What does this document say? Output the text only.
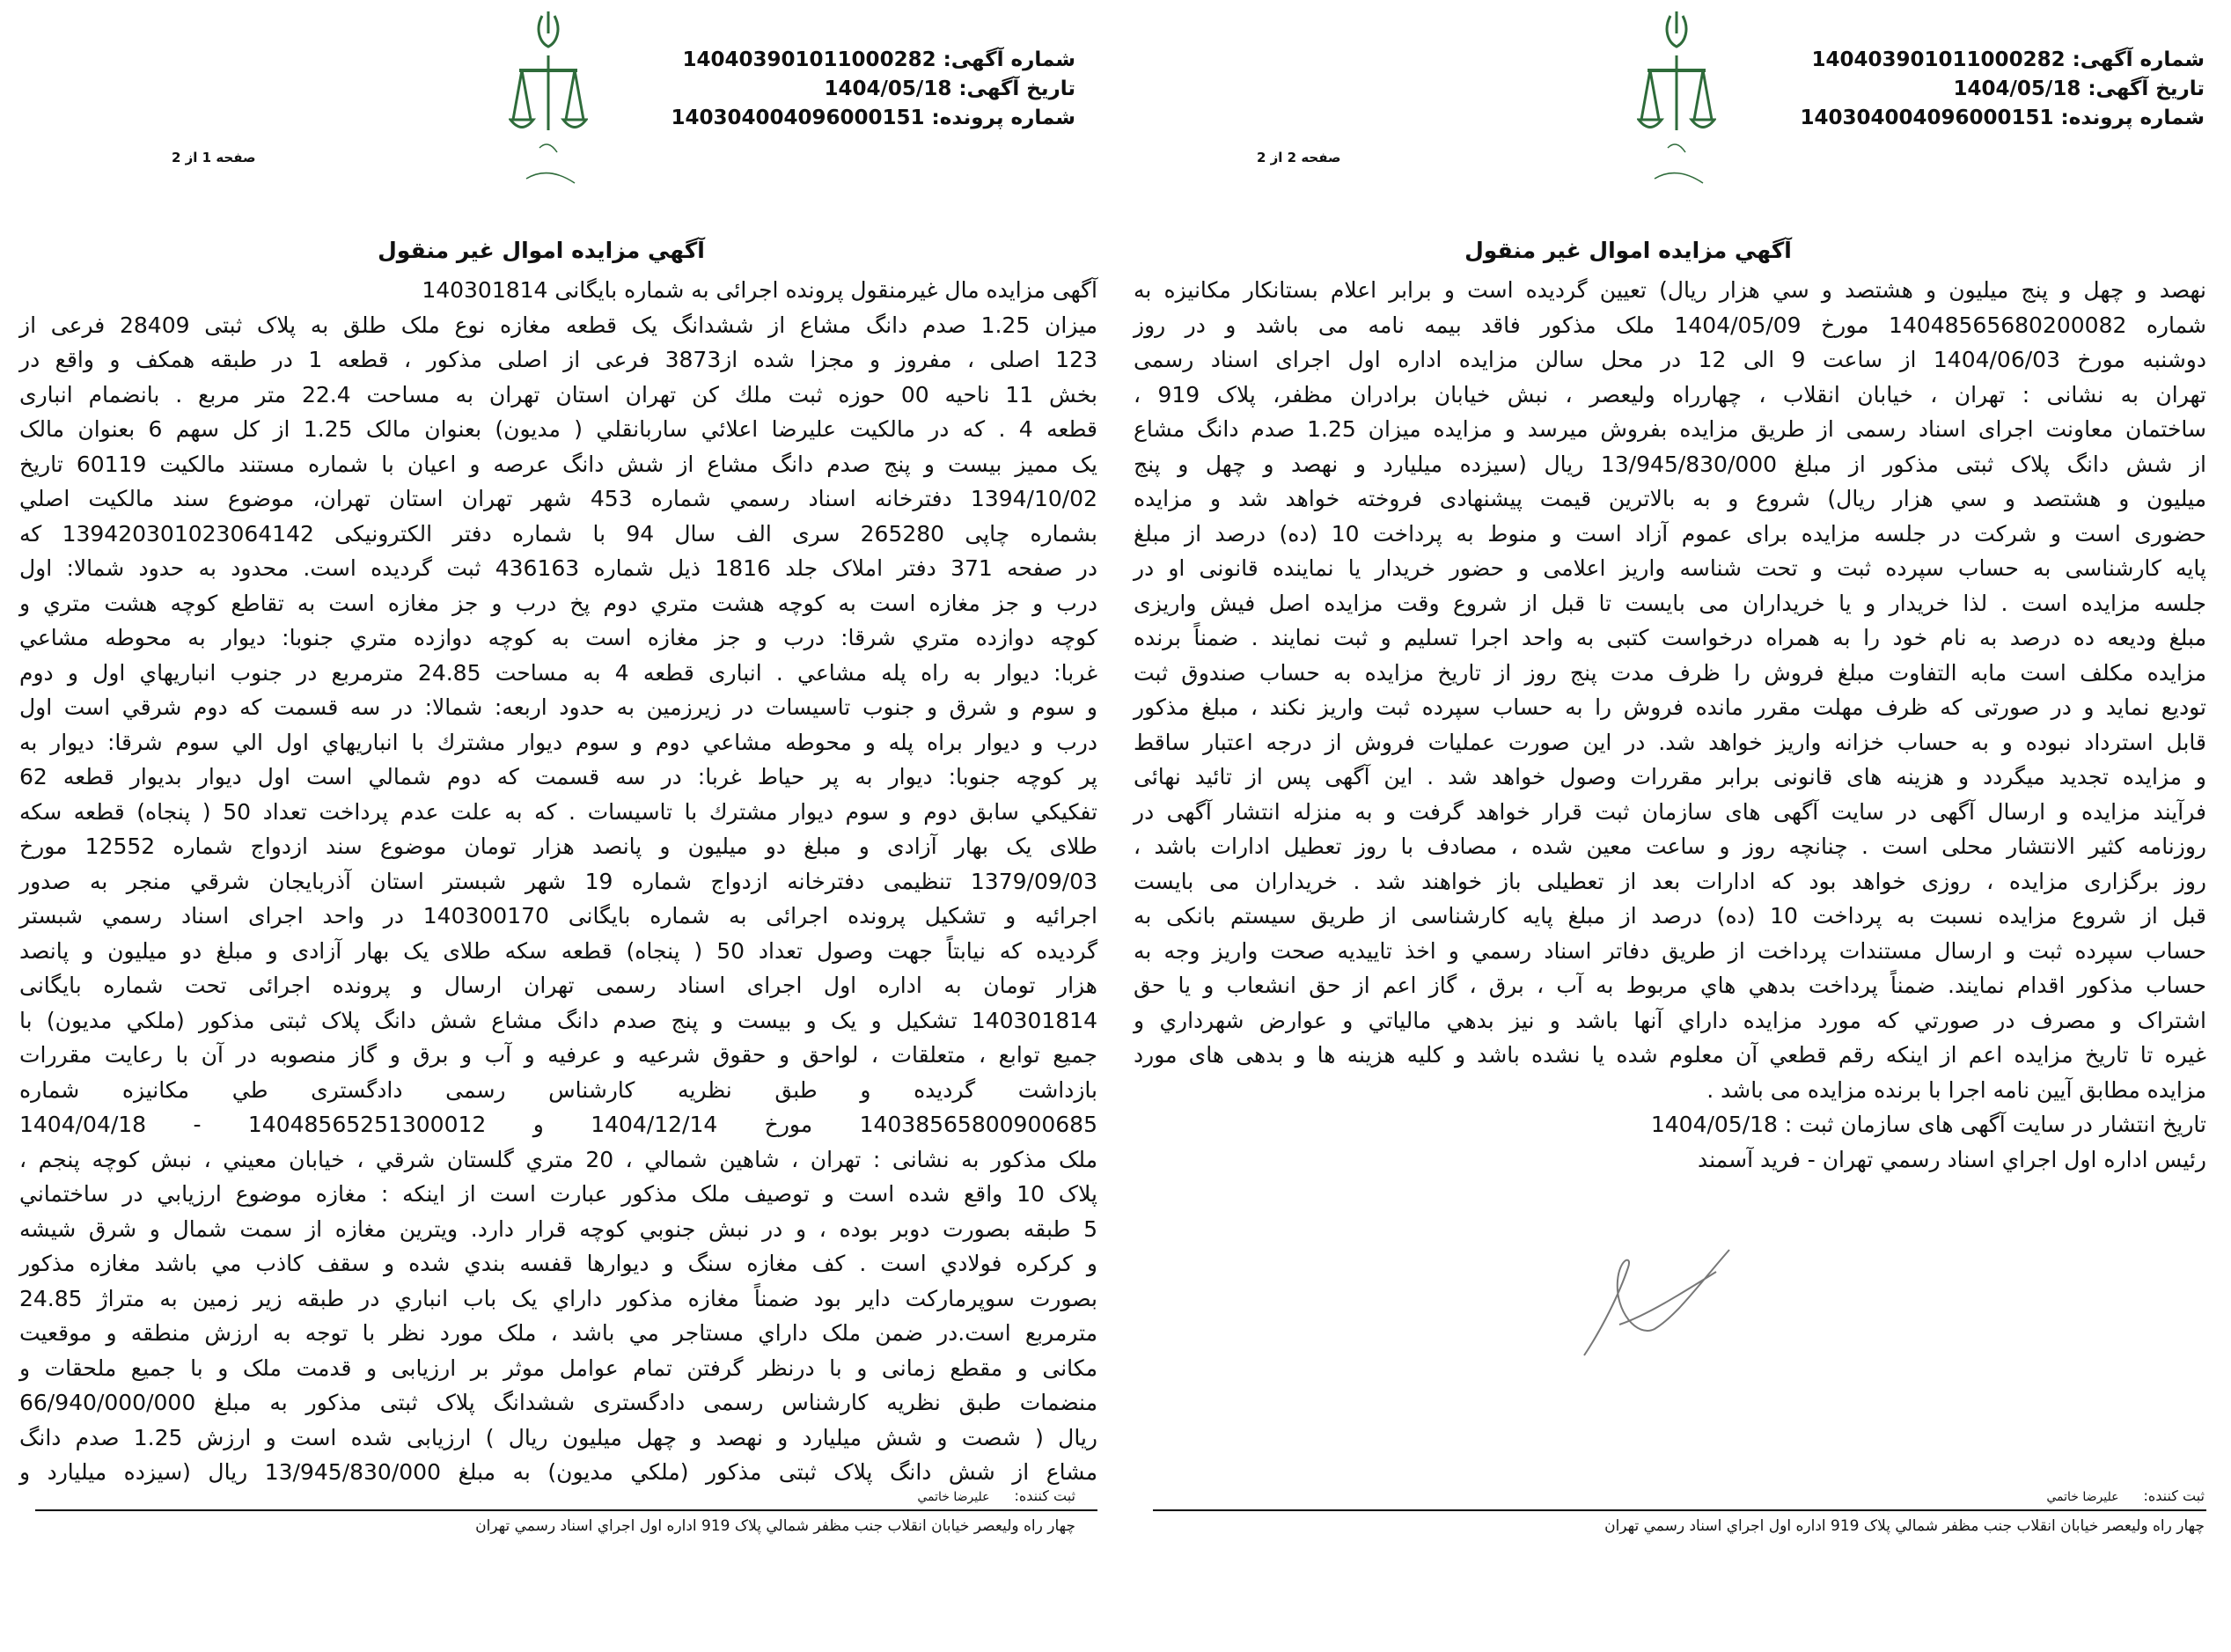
شماره آگهی: 140403901011000282
تاریخ آگهی: 1404/05/18
شماره پرونده: 140304004096000151
صفحه 1 از 2
آگهي مزايده اموال غير منقول
آگهی مزایده مال غیرمنقول پرونده اجرائی به شماره بایگانی 140301814
میزان 1.25 صدم دانگ مشاع از ششدانگ یک قطعه مغازه نوع ملک طلق به پلاک ثبتی 28409 فرعی از
123 اصلی ، مفروز و مجزا شده از3873 فرعی از اصلی مذکور ، قطعه 1 در طبقه همکف و واقع در
بخش 11 ناحیه 00 حوزه ثبت ملك كن تهران استان تهران به مساحت 22.4 متر مربع . بانضمام انباری
قطعه 4 . که در مالکیت علیرضا اعلائي ساربانقلي ( مدیون) بعنوان مالک 1.25 از کل سهم 6 بعنوان مالک
یک ممیز بیست و پنج صدم دانگ مشاع از شش دانگ عرصه و اعیان با شماره مستند مالکیت 60119 تاریخ
1394/10/02 دفترخانه اسناد رسمي شماره 453 شهر تهران استان تهران، موضوع سند مالکیت اصلي
بشماره چاپی 265280 سری الف سال 94 با شماره دفتر الکترونیکی 139420301023064142 که
در صفحه 371 دفتر املاک جلد 1816 ذیل شماره 436163 ثبت گردیده است. محدود به حدود شمالا: اول
درب و جز مغازه است به کوچه هشت متري دوم پخ درب و جز مغازه است به تقاطع کوچه هشت متري و
کوچه دوازده متري شرقا: درب و جز مغازه است به کوچه دوازده متري جنوبا: دیوار به محوطه مشاعي
غربا: دیوار به راه پله مشاعي . انباری قطعه 4 به مساحت 24.85 مترمربع در جنوب انباریهاي اول و دوم
و سوم و شرق و جنوب تاسیسات در زیرزمین به حدود اربعه: شمالا: در سه قسمت که دوم شرقي است اول
درب و دیوار براه پله و محوطه مشاعي دوم و سوم دیوار مشترك با انباریهاي اول الي سوم شرقا: دیوار به
پر کوچه جنوبا: دیوار به پر حیاط غربا: در سه قسمت که دوم شمالي است اول دیوار بدیوار قطعه 62
تفکیکي سابق دوم و سوم دیوار مشترك با تاسیسات . که به علت عدم پرداخت تعداد 50 ( پنجاه) قطعه سکه
طلای یک بهار آزادی و مبلغ دو میلیون و پانصد هزار تومان موضوع سند ازدواج شماره 12552 مورخ
1379/09/03 تنظیمی دفترخانه ازدواج شماره 19 شهر شبستر استان آذربایجان شرقي منجر به صدور
اجرائیه و تشکیل پرونده اجرائی به شماره بایگانی 140300170 در واحد اجرای اسناد رسمي شبستر
گردیده که نیابتاً جهت وصول تعداد 50 ( پنجاه) قطعه سکه طلای یک بهار آزادی و مبلغ دو میلیون و پانصد
هزار تومان به اداره اول اجرای اسناد رسمی تهران ارسال و پرونده اجرائی تحت شماره بایگانی
140301814 تشکیل و یک و بیست و پنج صدم دانگ مشاع شش دانگ پلاک ثبتی مذکور (ملکي مدیون) با
جمیع توابع ، متعلقات ، لواحق و حقوق شرعیه و عرفیه و آب و برق و گاز منصوبه در آن با رعایت مقررات
بازداشت گردیده و طبق نظریه کارشناس رسمی دادگستری طي مکانیزه شماره
14038565800900685 مورخ 1404/12/14 و 14048565251300012 - 1404/04/18
ملک مذکور به نشانی : تهران ، شاهین شمالي ، 20 متري گلستان شرقي ، خیابان معیني ، نبش کوچه پنجم ،
پلاک 10 واقع شده است و توصیف ملک مذکور عبارت است از اینکه : مغازه موضوع ارزیابي در ساختماني
5 طبقه بصورت دوبر بوده ، و در نبش جنوبي کوچه قرار دارد. ویترین مغازه از سمت شمال و شرق شیشه
و کرکره فولادي است . کف مغازه سنگ و دیوارها قفسه بندي شده و سقف کاذب مي باشد مغازه مذکور
بصورت سوپرمارکت دایر بود ضمناً مغازه مذکور داراي یک باب انباري در طبقه زیر زمین به متراژ 24.85
مترمربع است.در ضمن ملک داراي مستاجر مي باشد ، ملک مورد نظر با توجه به ارزش منطقه و موقعیت
مکانی و مقطع زمانی و با درنظر گرفتن تمام عوامل موثر بر ارزیابی و قدمت ملک و با جمیع ملحقات و
منضمات طبق نظریه کارشناس رسمی دادگستری ششدانگ پلاک ثبتی مذکور به مبلغ 66/940/000/000
ریال ( شصت و شش میلیارد و نهصد و چهل میلیون ریال ) ارزیابی شده است و ارزش 1.25 صدم دانگ
مشاع از شش دانگ پلاک ثبتی مذکور (ملکي مدیون) به مبلغ 13/945/830/000 ریال (سیزده میلیارد و
ثبت کننده:علیرضا خاتمي
چهار راه ولیعصر خیابان انقلاب جنب مظفر شمالي پلاک 919 اداره اول اجراي اسناد رسمي تهران
شماره آگهی: 140403901011000282
تاریخ آگهی: 1404/05/18
شماره پرونده: 140304004096000151
صفحه 2 از 2
آگهي مزايده اموال غير منقول
نهصد و چهل و پنج میلیون و هشتصد و سي هزار ریال) تعیین گردیده است و برابر اعلام بستانکار مکانیزه به
شماره 14048565680200082 مورخ 1404/05/09 ملک مذکور فاقد بیمه نامه می باشد و در روز
دوشنبه مورخ 1404/06/03 از ساعت 9 الی 12 در محل سالن مزایده اداره اول اجرای اسناد رسمی
تهران به نشانی : تهران ، خیابان انقلاب ، چهارراه ولیعصر ، نبش خیابان برادران مظفر، پلاک 919 ،
ساختمان معاونت اجرای اسناد رسمی از طریق مزایده بفروش میرسد و مزایده میزان 1.25 صدم دانگ مشاع
از شش دانگ پلاک ثبتی مذکور از مبلغ 13/945/830/000 ریال (سیزده میلیارد و نهصد و چهل و پنج
میلیون و هشتصد و سي هزار ریال) شروع و به بالاترین قیمت پیشنهادی فروخته خواهد شد و مزایده
حضوری است و شرکت در جلسه مزایده برای عموم آزاد است و منوط به پرداخت 10 (ده) درصد از مبلغ
پایه کارشناسی به حساب سپرده ثبت و تحت شناسه واریز اعلامی و حضور خریدار یا نماینده قانونی او در
جلسه مزایده است . لذا خریدار و یا خریداران می بایست تا قبل از شروع وقت مزایده اصل فیش واریزی
مبلغ ودیعه ده درصد به نام خود را به همراه درخواست کتبی به واحد اجرا تسلیم و ثبت نمایند . ضمناً برنده
مزایده مکلف است مابه التفاوت مبلغ فروش را ظرف مدت پنج روز از تاریخ مزایده به حساب صندوق ثبت
تودیع نماید و در صورتی که ظرف مهلت مقرر مانده فروش را به حساب سپرده ثبت واریز نکند ، مبلغ مذکور
قابل استرداد نبوده و به حساب خزانه واریز خواهد شد. در این صورت عملیات فروش از درجه اعتبار ساقط
و مزایده تجدید میگردد و هزینه های قانونی برابر مقررات وصول خواهد شد . این آگهی پس از تائید نهائی
فرآیند مزایده و ارسال آگهی در سایت آگهی های سازمان ثبت قرار خواهد گرفت و به منزله انتشار آگهی در
روزنامه کثیر الانتشار محلی است . چنانچه روز و ساعت معین شده ، مصادف با روز تعطیل ادارات باشد ،
روز برگزاری مزایده ، روزی خواهد بود که ادارات بعد از تعطیلی باز خواهند شد . خریداران می بایست
قبل از شروع مزایده نسبت به پرداخت 10 (ده) درصد از مبلغ پایه کارشناسی از طریق سیستم بانکی به
حساب سپرده ثبت و ارسال مستندات پرداخت از طریق دفاتر اسناد رسمي و اخذ تاییدیه صحت واریز وجه به
حساب مذکور اقدام نمایند. ضمناً پرداخت بدهي هاي مربوط به آب ، برق ، گاز اعم از حق انشعاب و یا حق
اشتراک و مصرف در صورتي که مورد مزایده داراي آنها باشد و نیز بدهي مالیاتي و عوارض شهرداري و
غیره تا تاریخ مزایده اعم از اینکه رقم قطعي آن معلوم شده یا نشده باشد و کلیه هزینه ها و بدهی های مورد
مزایده مطابق آیین نامه اجرا با برنده مزایده می باشد .
تاریخ انتشار در سایت آگهی های سازمان ثبت : 1404/05/18
رئیس اداره اول اجراي اسناد رسمي تهران - فرید آسمند
ثبت کننده:علیرضا خاتمي
چهار راه ولیعصر خیابان انقلاب جنب مظفر شمالي پلاک 919 اداره اول اجراي اسناد رسمي تهران
